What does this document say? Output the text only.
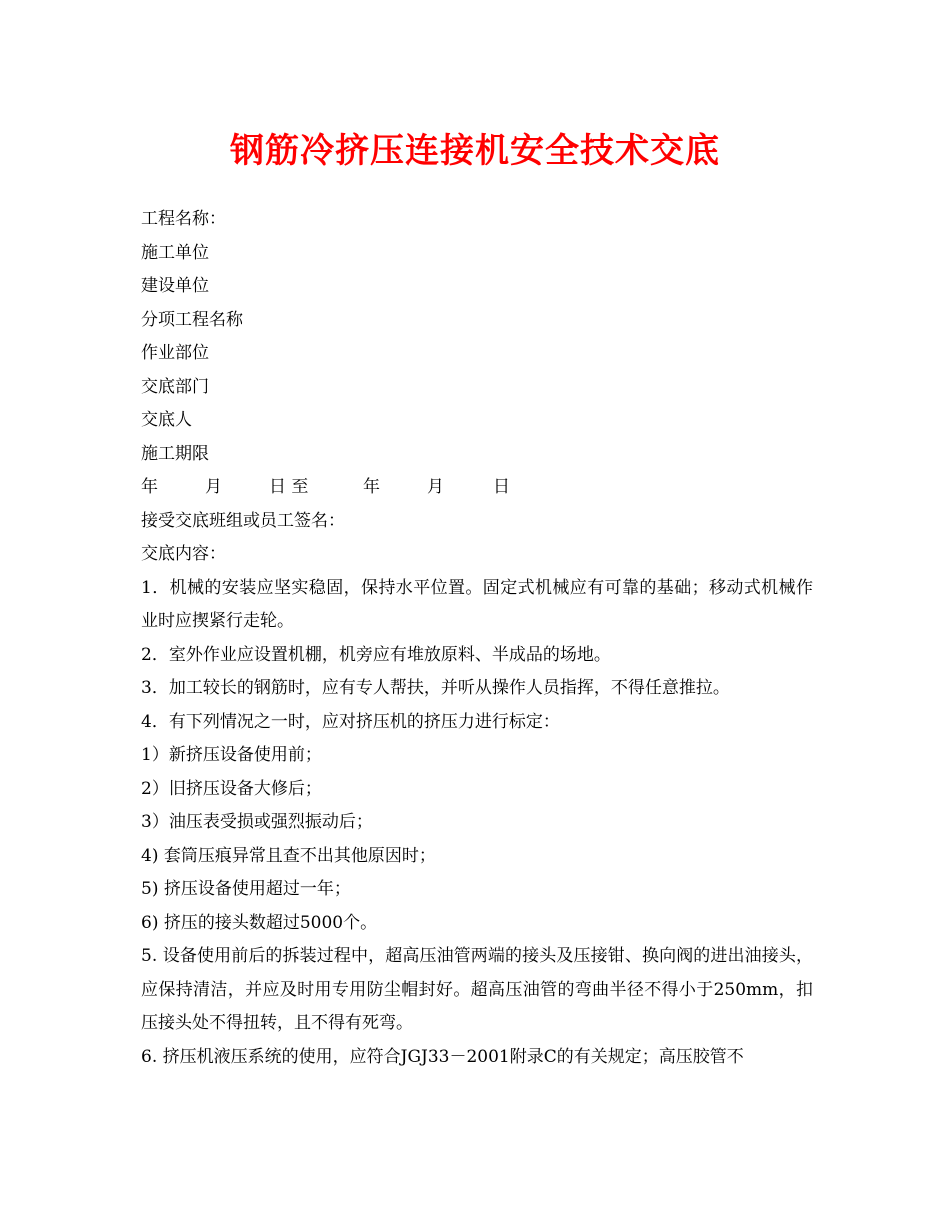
钢筋冷挤压连接机安全技术交底

工程名称：

施工单位

建设单位

分项工程名称

作业部位

交底部门

交底人

施工期限

年	月	日 至	年	月	日

接受交底班组或员工签名：

交底内容：

1．机械的安装应坚实稳固，保持水平位置。固定式机械应有可靠的基础；移动式机械作业时应揳紧行走轮。

2．室外作业应设置机棚，机旁应有堆放原料、半成品的场地。

3．加工较长的钢筋时，应有专人帮扶，并听从操作人员指挥，不得任意推拉。

4．有下列情况之一时，应对挤压机的挤压力进行标定：

1）新挤压设备使用前；

2）旧挤压设备大修后；

3）油压表受损或强烈振动后；

4) 套筒压痕异常且查不出其他原因时；

5) 挤压设备使用超过一年；

6) 挤压的接头数超过5000个。

5. 设备使用前后的拆装过程中，超高压油管两端的接头及压接钳、换向阀的进出油接头，应保持清洁，并应及时用专用防尘帽封好。超高压油管的弯曲半径不得小于250mm，扣压接头处不得扭转，且不得有死弯。

6. 挤压机液压系统的使用，应符合JGJ33－2001附录C的有关规定；高压胶管不
